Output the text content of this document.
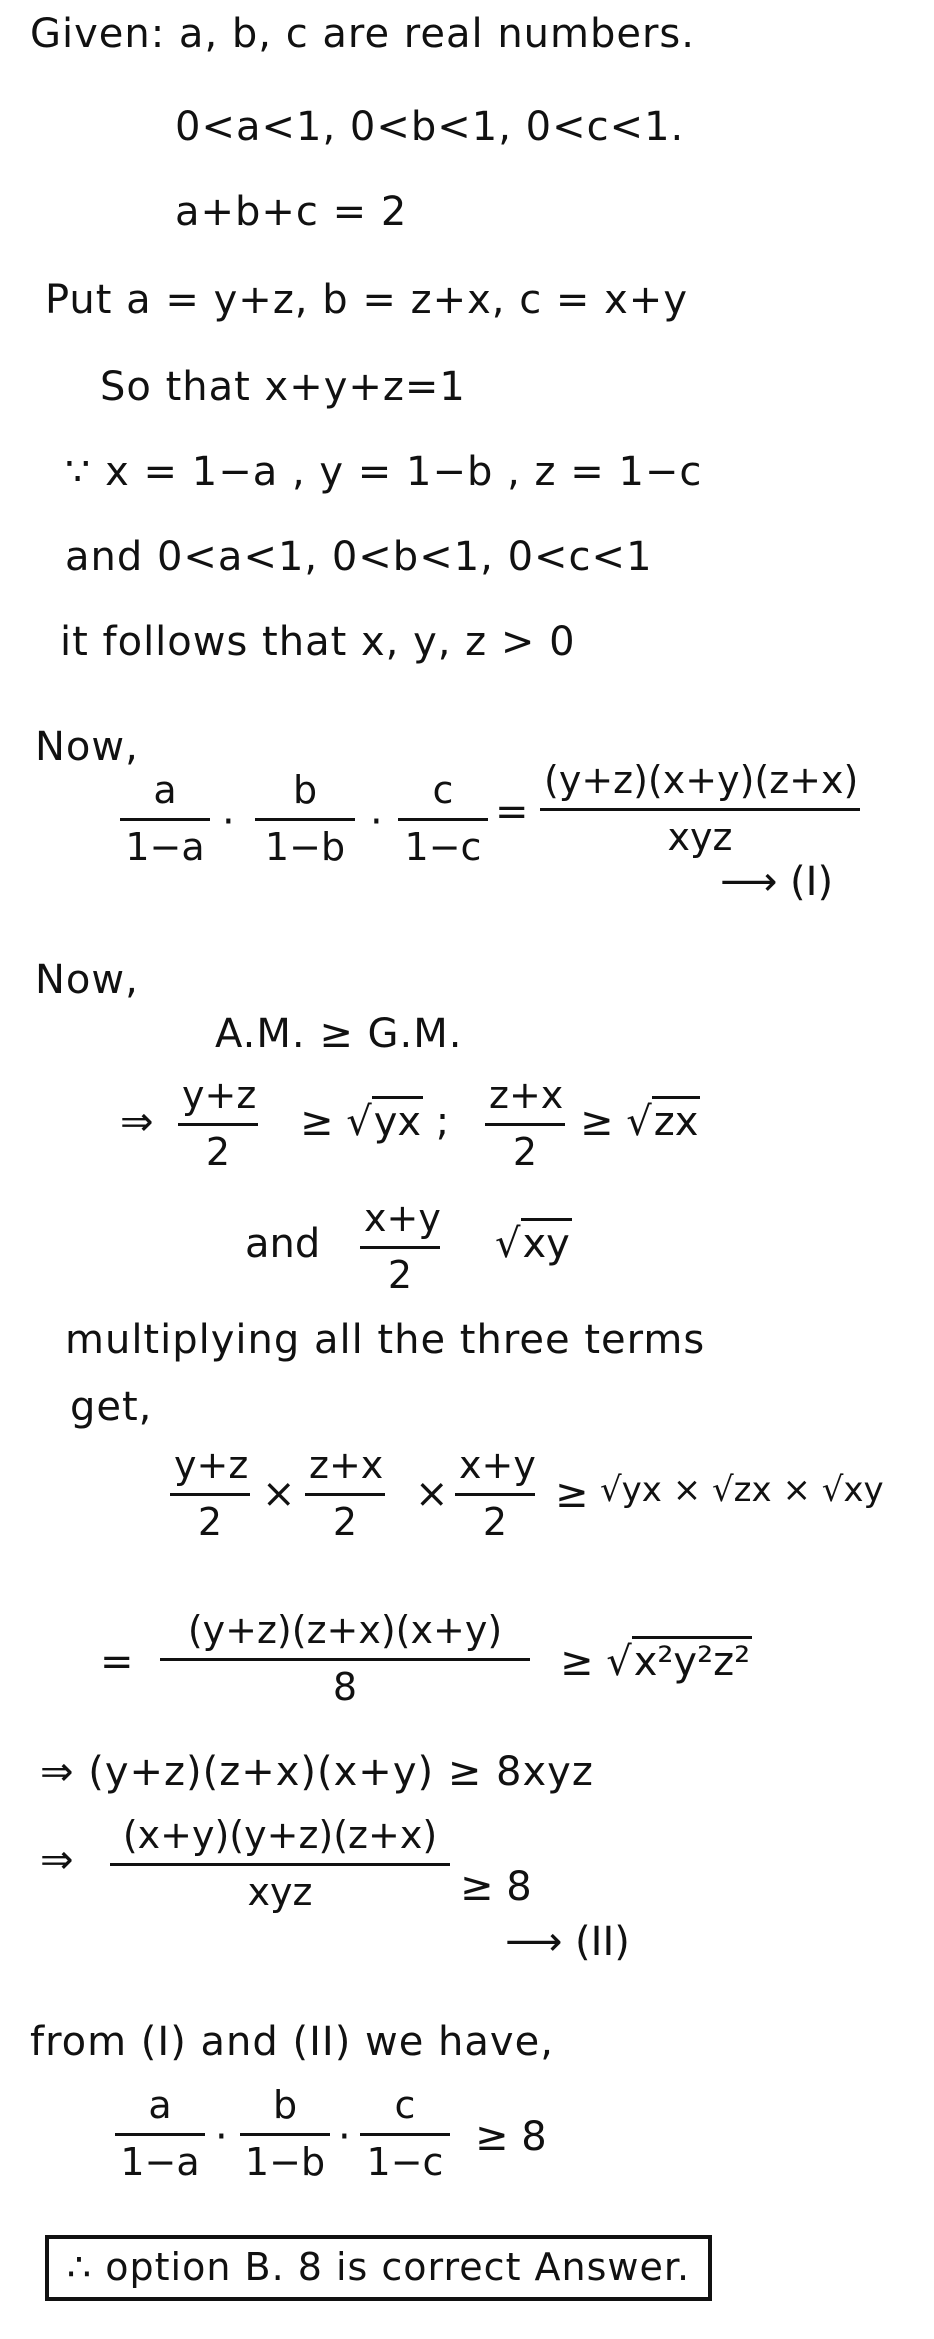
Given: a, b, c are real numbers.
0<a<1, 0<b<1, 0<c<1.
a+b+c = 2
Put a = y+z, b = z+x, c = x+y
So that x+y+z=1
∵ x = 1−a , y = 1−b , z = 1−c
and 0<a<1, 0<b<1, 0<c<1
it follows that x, y, z > 0
Now,
a
1−a
·
b
1−b
·
c
1−c
=
(y+z)(x+y)(z+x)
xyz
⟶ (I)
Now,
A.M. ≥ G.M.
⇒
y+z
2
≥ √yx ;
z+x
2
≥ √zx
and
x+y
2
√xy
multiplying all the three terms
get,
y+z
2
×
z+x
2
×
x+y
2
≥ √yx × √zx × √xy
=
(y+z)(z+x)(x+y)
8
≥ √x²y²z²
⇒ (y+z)(z+x)(x+y) ≥ 8xyz
⇒
(x+y)(y+z)(z+x)
xyz	≥ 8
⟶ (II)
from (I) and (II) we have,
a
1−a
·
b
1−b
·
c
1−c
≥ 8
∴ option B. 8 is correct Answer.
